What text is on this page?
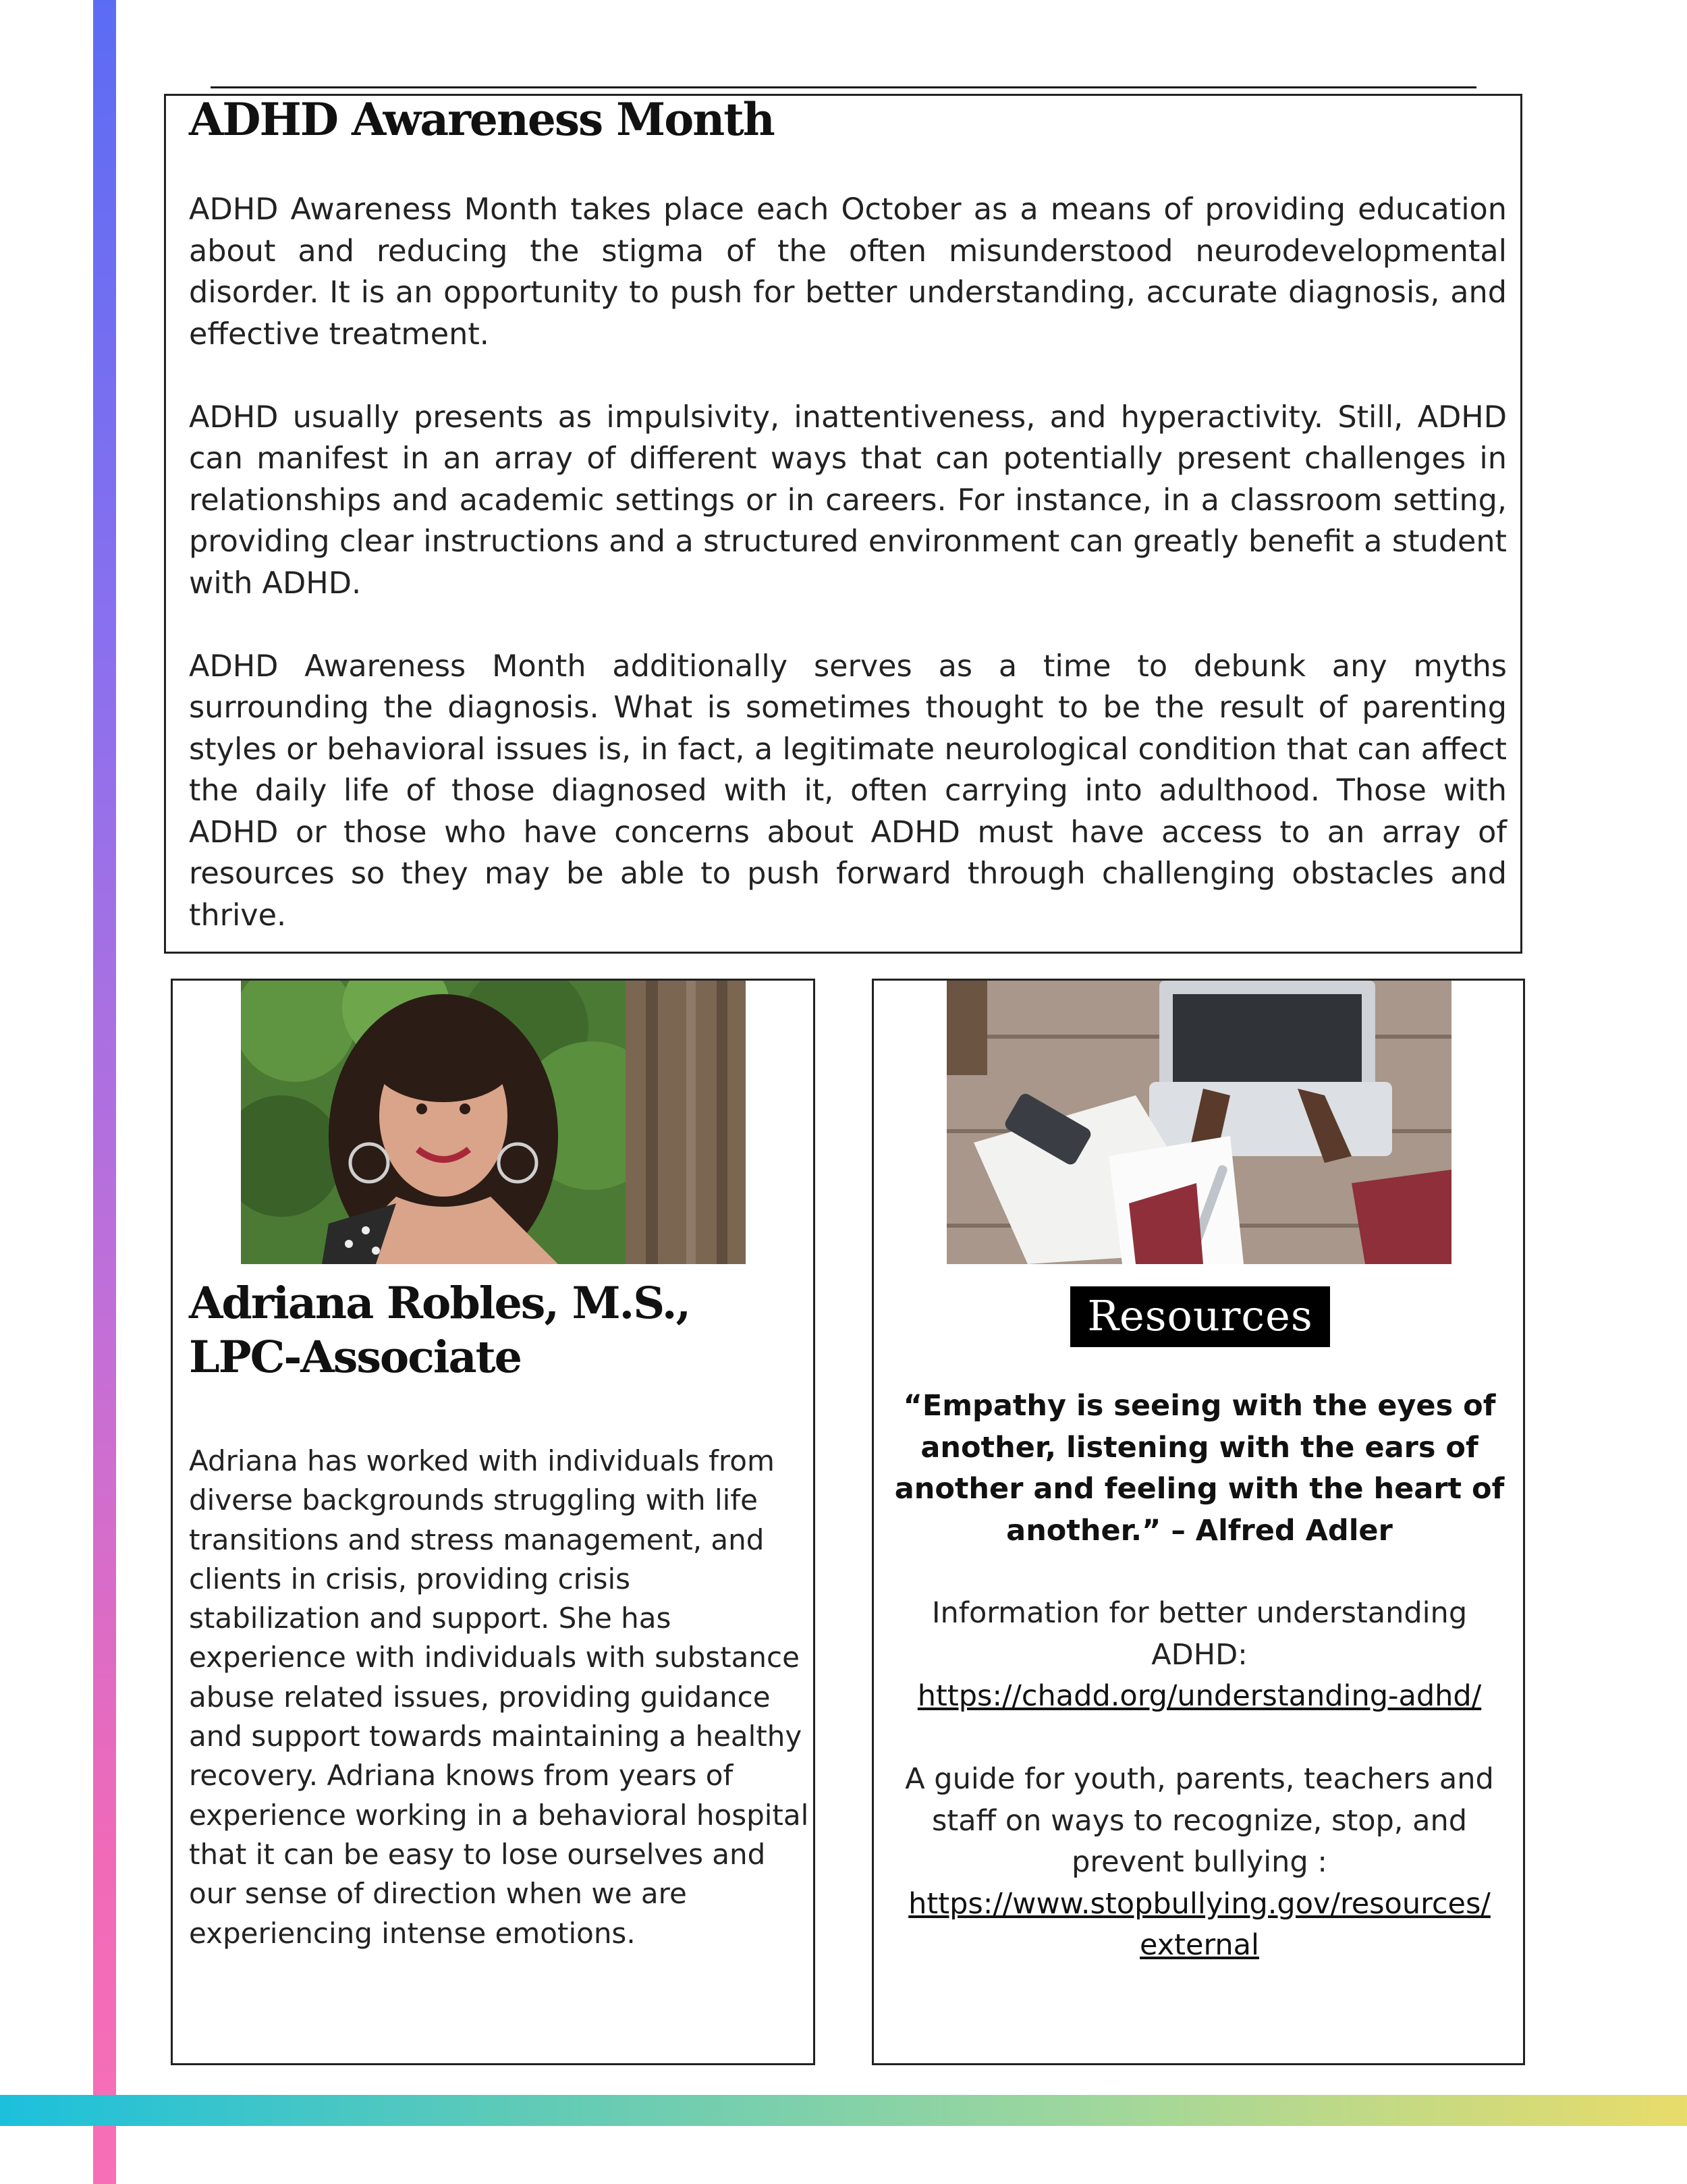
ADHD Awareness Month

ADHD Awareness Month takes place each October as a means of providing education about and reducing the stigma of the often misunderstood neurodevelopmental disorder. It is an opportunity to push for better understanding, accurate diagnosis, and effective treatment.

ADHD usually presents as impulsivity, inattentiveness, and hyperactivity. Still, ADHD can manifest in an array of different ways that can potentially present challenges in relationships and academic settings or in careers. For instance, in a classroom setting, providing clear instructions and a structured environment can greatly benefit a student with ADHD.

ADHD Awareness Month additionally serves as a time to debunk any myths surrounding the diagnosis. What is sometimes thought to be the result of parenting styles or behavioral issues is, in fact, a legitimate neurological condition that can affect the daily life of those diagnosed with it, often carrying into adulthood. Those with ADHD or those who have concerns about ADHD must have access to an array of resources so they may be able to push forward through challenging obstacles and thrive.

Adriana Robles, M.S., LPC-Associate

Adriana has worked with individuals from diverse backgrounds struggling with life transitions and stress management, and clients in crisis, providing crisis stabilization and support. She has experience with individuals with substance abuse related issues, providing guidance and support towards maintaining a healthy recovery. Adriana knows from years of experience working in a behavioral hospital that it can be easy to lose ourselves and our sense of direction when we are experiencing intense emotions.

Resources

“Empathy is seeing with the eyes of another, listening with the ears of another and feeling with the heart of another.” – Alfred Adler

Information for better understanding ADHD:
https://chadd.org/understanding-adhd/
A guide for youth, parents, teachers and staff on ways to recognize, stop, and prevent bullying :
https://www.stopbullying.gov/resources/
external
